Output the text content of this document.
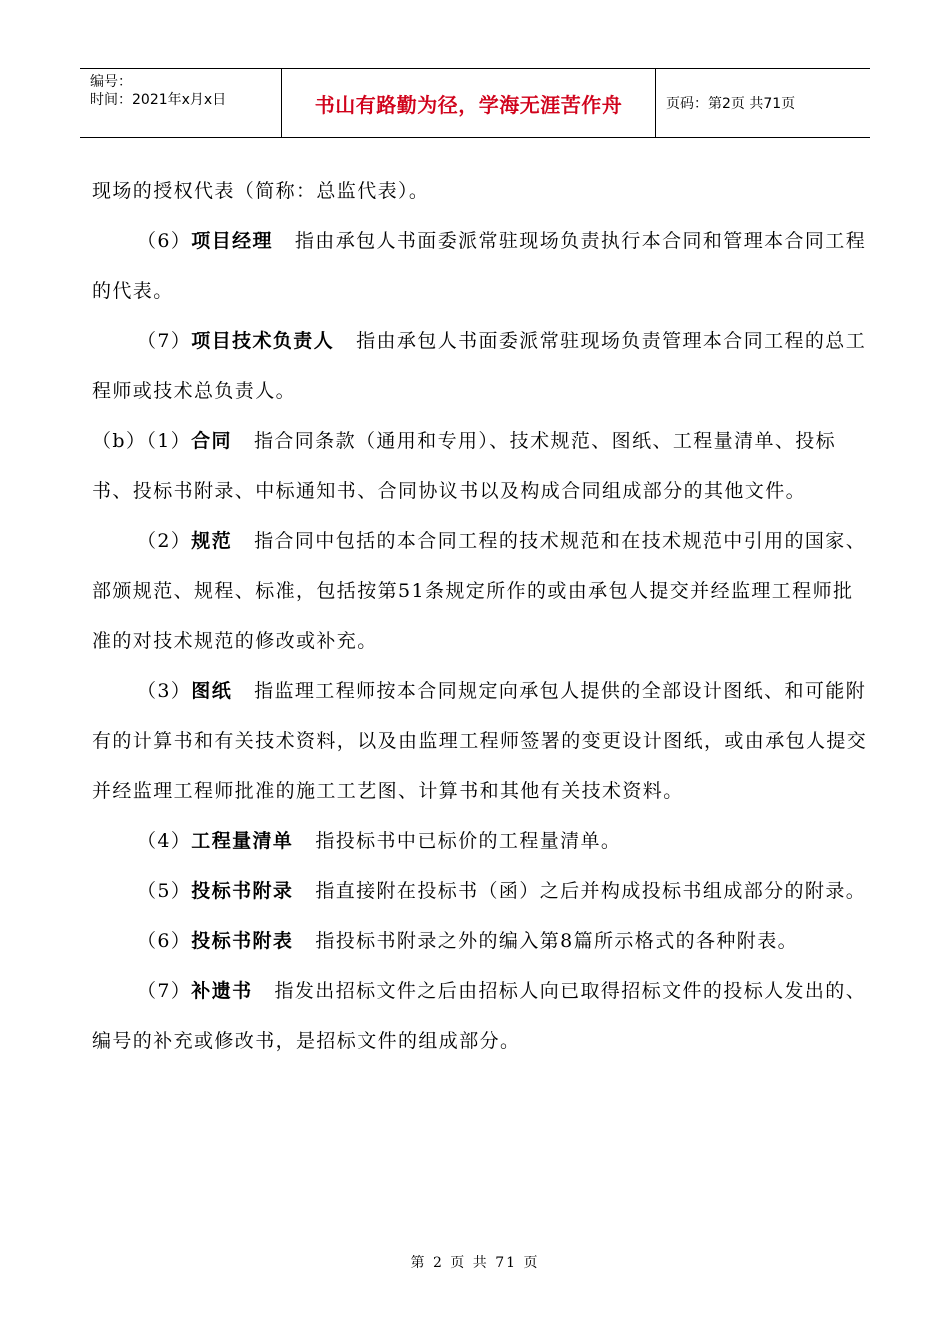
编号：
时间：2021年x月x日	书山有路勤为径，学海无涯苦作舟	页码：第2页 共71页

现场的授权代表（简称：总监代表）。

（6）项目经理 指由承包人书面委派常驻现场负责执行本合同和管理本合同工程的代表。

（7）项目技术负责人 指由承包人书面委派常驻现场负责管理本合同工程的总工程师或技术总负责人。

（b）（1）合同 指合同条款（通用和专用）、技术规范、图纸、工程量清单、投标书、投标书附录、中标通知书、合同协议书以及构成合同组成部分的其他文件。

（2）规范 指合同中包括的本合同工程的技术规范和在技术规范中引用的国家、部颁规范、规程、标准，包括按第51条规定所作的或由承包人提交并经监理工程师批准的对技术规范的修改或补充。

（3）图纸 指监理工程师按本合同规定向承包人提供的全部设计图纸、和可能附有的计算书和有关技术资料，以及由监理工程师签署的变更设计图纸，或由承包人提交并经监理工程师批准的施工工艺图、计算书和其他有关技术资料。

（4）工程量清单 指投标书中已标价的工程量清单。

（5）投标书附录 指直接附在投标书（函）之后并构成投标书组成部分的附录。

（6）投标书附表 指投标书附录之外的编入第8篇所示格式的各种附表。

（7）补遗书 指发出招标文件之后由招标人向已取得招标文件的投标人发出的、编号的补充或修改书，是招标文件的组成部分。

第 2 页 共 71 页
